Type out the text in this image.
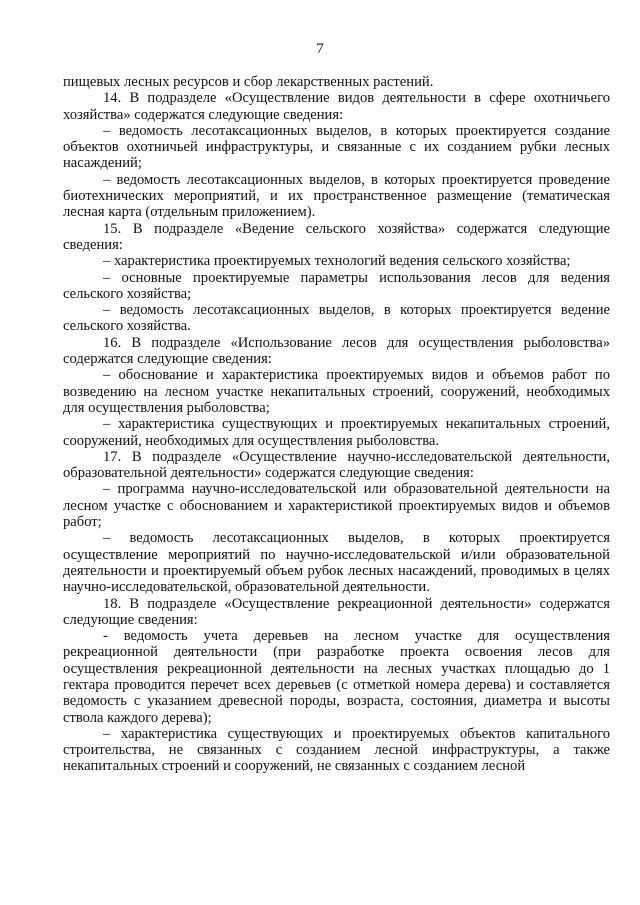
7

пищевых лесных ресурсов и сбор лекарственных растений.

14. В подразделе «Осуществление видов деятельности в сфере охотничьего хозяйства» содержатся следующие сведения:

– ведомость лесотаксационных выделов, в которых проектируется создание объектов охотничьей инфраструктуры, и связанные с их созданием рубки лесных насаждений;

– ведомость лесотаксационных выделов, в которых проектируется проведение биотехнических мероприятий, и их пространственное размещение (тематическая лесная карта (отдельным приложением).

15. В подразделе «Ведение сельского хозяйства» содержатся следующие сведения:

– характеристика проектируемых технологий ведения сельского хозяйства;

– основные проектируемые параметры использования лесов для ведения сельского хозяйства;

– ведомость лесотаксационных выделов, в которых проектируется ведение сельского хозяйства.

16. В подразделе «Использование лесов для осуществления рыболовства» содержатся следующие сведения:

– обоснование и характеристика проектируемых видов и объемов работ по возведению на лесном участке некапитальных строений, сооружений, необходимых для осуществления рыболовства;

– характеристика существующих и проектируемых некапитальных строений, сооружений, необходимых для осуществления рыболовства.

17. В подразделе «Осуществление научно-исследовательской деятельности, образовательной деятельности» содержатся следующие сведения:

– программа научно-исследовательской или образовательной деятельности на лесном участке с обоснованием и характеристикой проектируемых видов и объемов работ;

– ведомость лесотаксационных выделов, в которых проектируется осуществление мероприятий по научно-исследовательской и/или образовательной деятельности и проектируемый объем рубок лесных насаждений, проводимых в целях научно-исследовательской, образовательной деятельности.

18. В подразделе «Осуществление рекреационной деятельности» содержатся следующие сведения:

- ведомость учета деревьев на лесном участке для осуществления рекреационной деятельности (при разработке проекта освоения лесов для осуществления рекреационной деятельности на лесных участках площадью до 1 гектара проводится перечет всех деревьев (с отметкой номера дерева) и составляется ведомость с указанием древесной породы, возраста, состояния, диаметра и высоты ствола каждого дерева);

– характеристика существующих и проектируемых объектов капитального строительства, не связанных с созданием лесной инфраструктуры, а также некапитальных строений и сооружений, не связанных с созданием лесной
